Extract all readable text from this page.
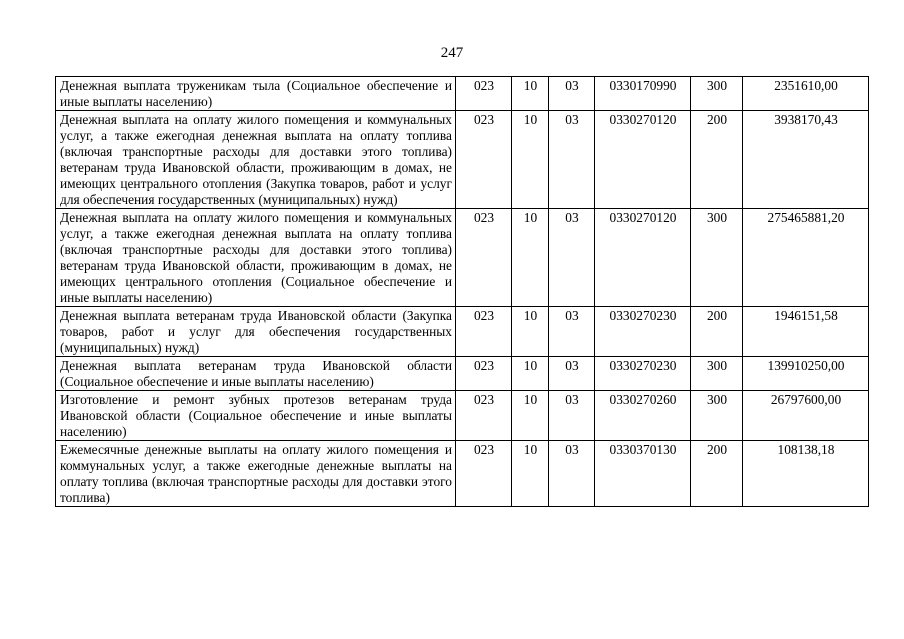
247
Денежная выплата труженикам тыла (Социальное обеспечение и иные выплаты населению)	023	10	03	0330170990	300	2351610,00
Денежная выплата на оплату жилого помещения и коммунальных услуг, а также ежегодная денежная выплата на оплату топлива (включая транспортные расходы для доставки этого топлива) ветеранам труда Ивановской области, проживающим в домах, не имеющих центрального отопления (Закупка товаров, работ и услуг для обеспечения государственных (муниципальных) нужд)	023	10	03	0330270120	200	3938170,43
Денежная выплата на оплату жилого помещения и коммунальных услуг, а также ежегодная денежная выплата на оплату топлива (включая транспортные расходы для доставки этого топлива) ветеранам труда Ивановской области, проживающим в домах, не имеющих центрального отопления (Социальное обеспечение и иные выплаты населению)	023	10	03	0330270120	300	275465881,20
Денежная выплата ветеранам труда Ивановской области (Закупка товаров, работ и услуг для обеспечения государственных (муниципальных) нужд)	023	10	03	0330270230	200	1946151,58
Денежная выплата ветеранам труда Ивановской области (Социальное обеспечение и иные выплаты населению)	023	10	03	0330270230	300	139910250,00
Изготовление и ремонт зубных протезов ветеранам труда Ивановской области (Социальное обеспечение и иные выплаты населению)	023	10	03	0330270260	300	26797600,00
Ежемесячные денежные выплаты на оплату жилого помещения и коммунальных услуг, а также ежегодные денежные выплаты на оплату топлива (включая транспортные расходы для доставки этого топлива)	023	10	03	0330370130	200	108138,18
